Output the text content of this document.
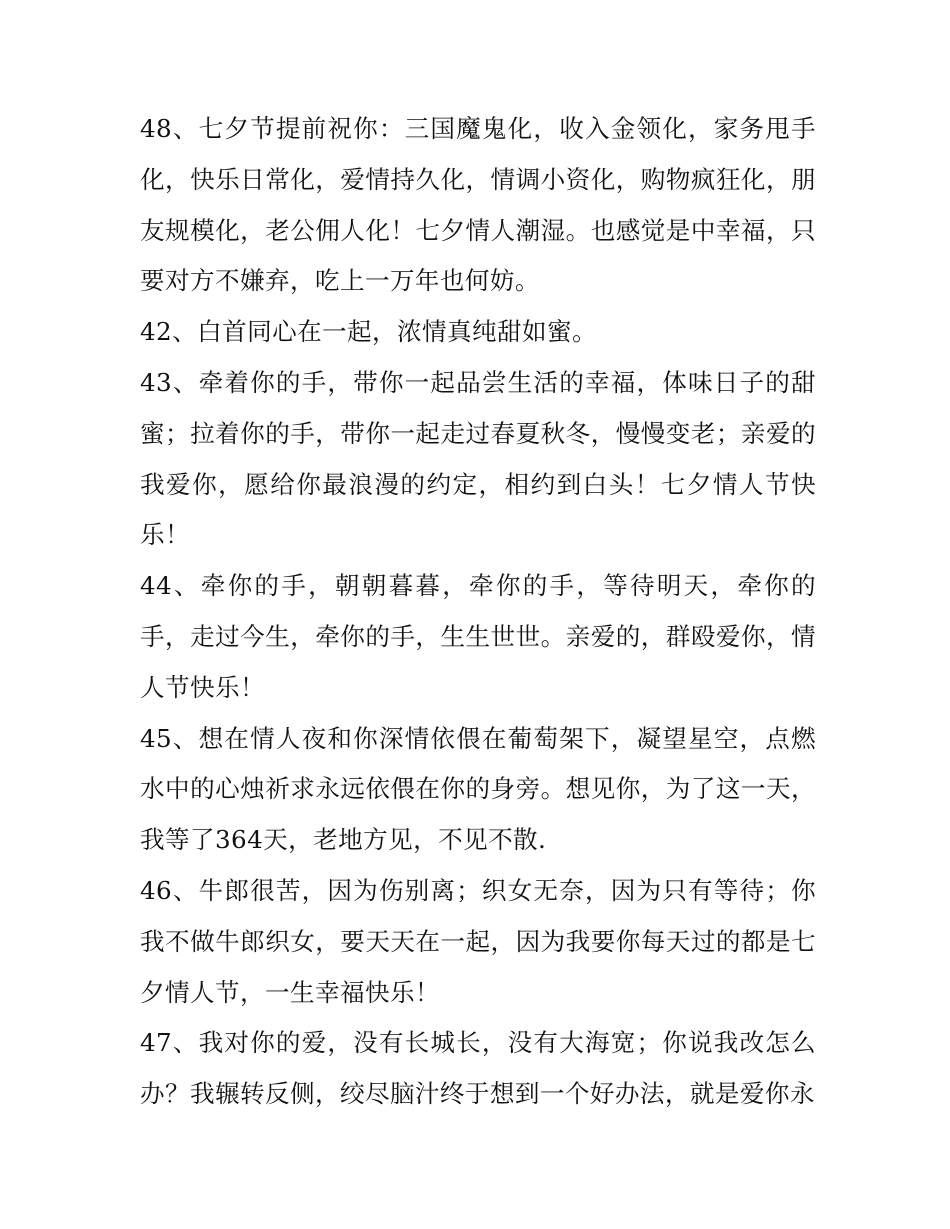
48、七夕节提前祝你：三国魔鬼化，收入金领化，家务甩手化，快乐日常化，爱情持久化，情调小资化，购物疯狂化，朋友规模化，老公佣人化！七夕情人潮湿。也感觉是中幸福，只要对方不嫌弃，吃上一万年也何妨。

42、白首同心在一起，浓情真纯甜如蜜。

43、牵着你的手，带你一起品尝生活的幸福，体味日子的甜蜜；拉着你的手，带你一起走过春夏秋冬，慢慢变老；亲爱的我爱你，愿给你最浪漫的约定，相约到白头！七夕情人节快乐！

44、牵你的手，朝朝暮暮，牵你的手，等待明天，牵你的手，走过今生，牵你的手，生生世世。亲爱的，群殴爱你，情人节快乐！

45、想在情人夜和你深情依偎在葡萄架下，凝望星空，点燃水中的心烛祈求永远依偎在你的身旁。想见你，为了这一天，我等了364天，老地方见，不见不散.

46、牛郎很苦，因为伤别离；织女无奈，因为只有等待；你我不做牛郎织女，要天天在一起，因为我要你每天过的都是七夕情人节，一生幸福快乐！

47、我对你的爱，没有长城长，没有大海宽；你说我改怎么办？我辗转反侧，绞尽脑汁终于想到一个好办法，就是爱你永
